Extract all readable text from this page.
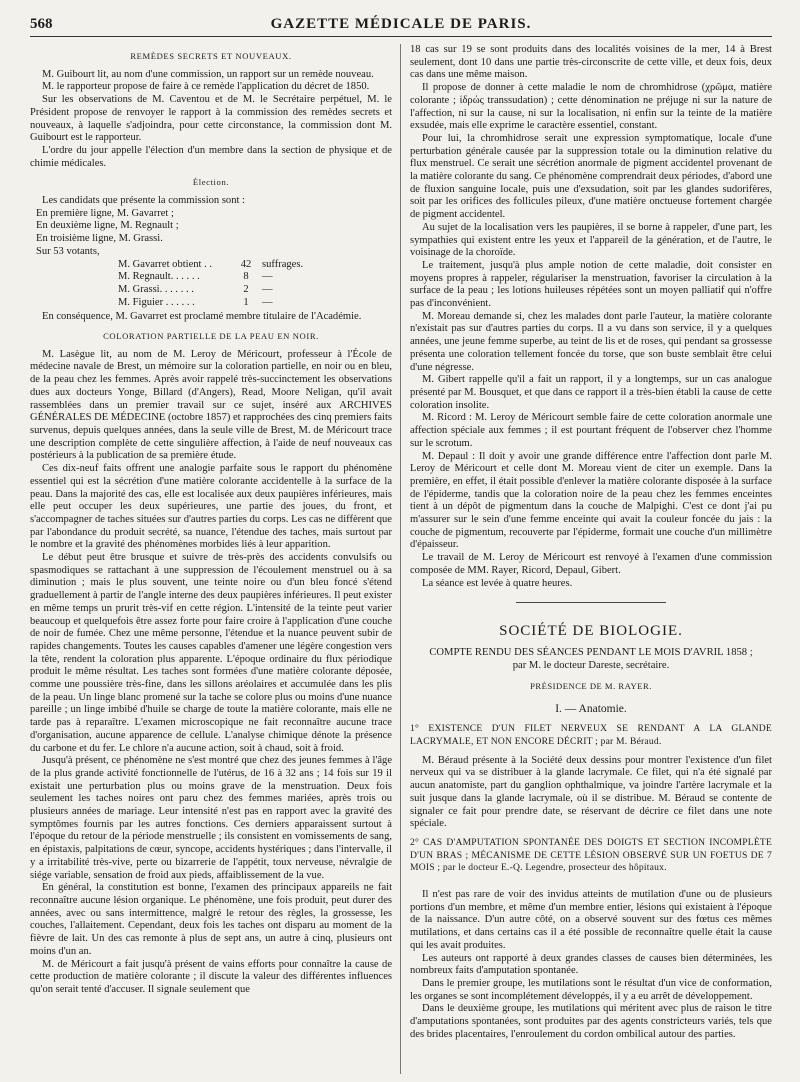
568	GAZETTE MÉDICALE DE PARIS.

REMÈDES SECRETS ET NOUVEAUX.

M. Guibourt lit, au nom d'une commission, un rapport sur un remède nouveau.

M. le rapporteur propose de faire à ce remède l'application du décret de 1850.

Sur les observations de M. Caventou et de M. le Secrétaire perpétuel, M. le Président propose de renvoyer le rapport à la commission des remèdes secrets et nouveaux, à laquelle s'adjoindra, pour cette circonstance, la commission dont M. Guibourt est le rapporteur.

L'ordre du jour appelle l'élection d'un membre dans la section de physique et de chimie médicales.

Élection.

Les candidats que présente la commission sont :

En première ligne, M. Gavarret ;

En deuxième ligne, M. Regnault ;

En troisième ligne, M. Grassi.

Sur 53 votants,

M. Gavarret obtient . .	42	suffrages.
M. Regnault. . . . . .	8	—
M. Grassi. . . . . . .	2	—
M. Figuier . . . . . .	1	—

En conséquence, M. Gavarret est proclamé membre titulaire de l'Académie.

COLORATION PARTIELLE DE LA PEAU EN NOIR.

M. Lasègue lit, au nom de M. Leroy de Méricourt, professeur à l'École de médecine navale de Brest, un mémoire sur la coloration partielle, en noir ou en bleu, de la peau chez les femmes. Après avoir rappelé très-succinctement les observations dues aux docteurs Yonge, Billard (d'Angers), Read, Moore Neligan, qu'il avait rassemblées dans un premier travail sur ce sujet, inséré aux ARCHIVES GÉNÉRALES DE MÉDECINE (octobre 1857) et rapprochées des cinq premiers faits survenus, depuis quelques années, dans la seule ville de Brest, M. de Méricourt trace une description complète de cette singulière affection, à l'aide de neuf nouveaux cas postérieurs à la publication de sa première étude.

Ces dix-neuf faits offrent une analogie parfaite sous le rapport du phénomène essentiel qui est la sécrétion d'une matière colorante accidentelle à la surface de la peau. Dans la majorité des cas, elle est localisée aux deux paupières inférieures, mais elle peut occuper les deux supérieures, une partie des joues, du front, et s'accompagner de taches situées sur d'autres parties du corps. Les cas ne diffèrent que par l'abondance du produit secrété, sa nuance, l'étendue des taches, mais surtout par le nombre et la gravité des phénomènes morbides liés à leur apparition.

Le début peut être brusque et suivre de très-près des accidents convulsifs ou spasmodiques se rattachant à une suppression de l'écoulement menstruel ou à sa diminution ; mais le plus souvent, une teinte noire ou d'un bleu foncé s'étend graduellement à partir de l'angle interne des deux paupières inférieures. Il peut exister en même temps un prurit très-vif en cette région. L'intensité de la teinte peut varier beaucoup et quelquefois être assez forte pour faire croire à l'application d'une couche de noir de fumée. Chez une même personne, l'étendue et la nuance peuvent subir de rapides changements. Toutes les causes capables d'amener une légère congestion vers la tête, rendent la coloration plus apparente. L'époque ordinaire du flux périodique produit le même résultat. Les taches sont formées d'une matière colorante déposée, comme une poussière très-fine, dans les sillons aréolaires et accumulée dans les plis de la peau. Un linge blanc promené sur la tache se colore plus ou moins d'une nuance pareille ; un linge imbibé d'huile se charge de toute la matière colorante, mais elle ne tarde pas à reparaître. L'examen microscopique ne fait reconnaître aucune trace d'organisation, aucune apparence de cellule. L'analyse chimique dénote la présence du carbone et du fer. Le chlore n'a aucune action, soit à chaud, soit à froid.

Jusqu'à présent, ce phénomène ne s'est montré que chez des jeunes femmes à l'âge de la plus grande activité fonctionnelle de l'utérus, de 16 à 32 ans ; 14 fois sur 19 il existait une perturbation plus ou moins grave de la menstruation. Deux fois seulement les taches noires ont paru chez des femmes mariées, après trois ou plusieurs années de mariage. Leur intensité n'est pas en rapport avec la gravité des symptômes fournis par les autres fonctions. Ces derniers apparaissent surtout à l'époque du retour de la période menstruelle ; ils consistent en vomissements de sang, en épistaxis, palpitations de cœur, syncope, accidents hystériques ; dans l'intervalle, il y a irritabilité très-vive, perte ou bizarrerie de l'appétit, toux nerveuse, névralgie de siége variable, sensation de froid aux pieds, affaiblissement de la vue.

En général, la constitution est bonne, l'examen des principaux appareils ne fait reconnaître aucune lésion organique. Le phénomène, une fois produit, peut durer des années, avec ou sans intermittence, malgré le retour des règles, la grossesse, les couches, l'allaitement. Cependant, deux fois les taches ont disparu au moment de la fièvre de lait. Un des cas remonte à plus de sept ans, un autre à cinq, plusieurs ont moins d'un an.

M. de Méricourt a fait jusqu'à présent de vains efforts pour connaître la cause de cette production de matière colorante ; il discute la valeur des différentes influences qu'on serait tenté d'accuser. Il signale seulement que

18 cas sur 19 se sont produits dans des localités voisines de la mer, 14 à Brest seulement, dont 10 dans une partie très-circonscrite de cette ville, et deux fois, deux cas dans une même maison.

Il propose de donner à cette maladie le nom de chromhidrose (χρῶμα, matière colorante ; ἱδρώς transsudation) ; cette dénomination ne préjuge ni sur la nature de l'affection, ni sur la cause, ni sur la localisation, ni enfin sur la teinte de la matière exsudée, mais elle exprime le caractère essentiel, constant.

Pour lui, la chromhidrose serait une expression symptomatique, locale d'une perturbation générale causée par la suppression totale ou la diminution relative du flux menstruel. Ce serait une sécrétion anormale de pigment accidentel provenant de la matière colorante du sang. Ce phénomène comprendrait deux périodes, d'abord une de fluxion sanguine locale, puis une d'exsudation, soit par les glandes sudorifères, soit par les orifices des follicules pileux, d'une matière onctueuse fortement chargée de pigment accidentel.

Au sujet de la localisation vers les paupières, il se borne à rappeler, d'une part, les sympathies qui existent entre les yeux et l'appareil de la génération, et de l'autre, le voisinage de la choroïde.

Le traitement, jusqu'à plus ample notion de cette maladie, doit consister en moyens propres à rappeler, régulariser la menstruation, favoriser la circulation à la surface de la peau ; les lotions huileuses répétées sont un moyen palliatif qui n'offre pas d'inconvénient.

M. Moreau demande si, chez les malades dont parle l'auteur, la matière colorante n'existait pas sur d'autres parties du corps. Il a vu dans son service, il y a quelques années, une jeune femme superbe, au teint de lis et de roses, qui pendant sa grossesse présenta une coloration tellement foncée du torse, que son buste semblait être celui d'une négresse.

M. Gibert rappelle qu'il a fait un rapport, il y a longtemps, sur un cas analogue présenté par M. Bousquet, et que dans ce rapport il a très-bien établi la cause de cette coloration insolite.

M. Ricord : M. Leroy de Méricourt semble faire de cette coloration anormale une affection spéciale aux femmes ; il est pourtant fréquent de l'observer chez l'homme sur le scrotum.

M. Depaul : Il doit y avoir une grande différence entre l'affection dont parle M. Leroy de Méricourt et celle dont M. Moreau vient de citer un exemple. Dans la première, en effet, il était possible d'enlever la matière colorante disposée à la surface de l'épiderme, tandis que la coloration noire de la peau chez les femmes enceintes tient à un dépôt de pigmentum dans la couche de Malpighi. C'est ce dont j'ai pu m'assurer sur le sein d'une femme enceinte qui avait la couleur foncée du jais : la couche de pigmentum, recouverte par l'épiderme, formait une couche d'un millimètre d'épaisseur.

Le travail de M. Leroy de Méricourt est renvoyé à l'examen d'une commission composée de MM. Rayer, Ricord, Depaul, Gibert.

La séance est levée à quatre heures.

SOCIÉTÉ DE BIOLOGIE.

COMPTE RENDU DES SÉANCES PENDANT LE MOIS D'AVRIL 1858 ;
par M. le docteur Dareste, secrétaire.

PRÉSIDENCE DE M. RAYER.

I. — Anatomie.

1° EXISTENCE D'UN FILET NERVEUX SE RENDANT A LA GLANDE LACRYMALE, ET NON ENCORE DÉCRIT ; par M. Béraud.

M. Béraud présente à la Société deux dessins pour montrer l'existence d'un filet nerveux qui va se distribuer à la glande lacrymale. Ce filet, qui n'a été signalé par aucun anatomiste, part du ganglion ophthalmique, va joindre l'artère lacrymale et la suit jusque dans la glande lacrymale, où il se distribue. M. Béraud se contente de signaler ce fait pour prendre date, se réservant de décrire ce filet dans une note spéciale.

2° CAS D'AMPUTATION SPONTANÉE DES DOIGTS ET SECTION INCOMPLÈTE D'UN BRAS ; MÉCANISME DE CETTE LÉSION OBSERVÉ SUR UN FOETUS DE 7 MOIS ; par le docteur E.-Q. Legendre, prosecteur des hôpitaux.

Il n'est pas rare de voir des invidus atteints de mutilation d'une ou de plusieurs portions d'un membre, et même d'un membre entier, lésions qui existaient à l'époque de la naissance. D'un autre côté, on a observé souvent sur des fœtus ces mêmes mutilations, et dans certains cas il a été possible de reconnaître quelle était la cause qui les avait produites.

Les auteurs ont rapporté à deux grandes classes de causes bien déterminées, les nombreux faits d'amputation spontanée.

Dans le premier groupe, les mutilations sont le résultat d'un vice de conformation, les organes se sont incomplétement développés, il y a eu arrêt de développement.

Dans le deuxième groupe, les mutilations qui méritent avec plus de raison le titre d'amputations spontanées, sont produites par des agents constricteurs variés, tels que des brides placentaires, l'enroulement du cordon ombilical autour des parties.
